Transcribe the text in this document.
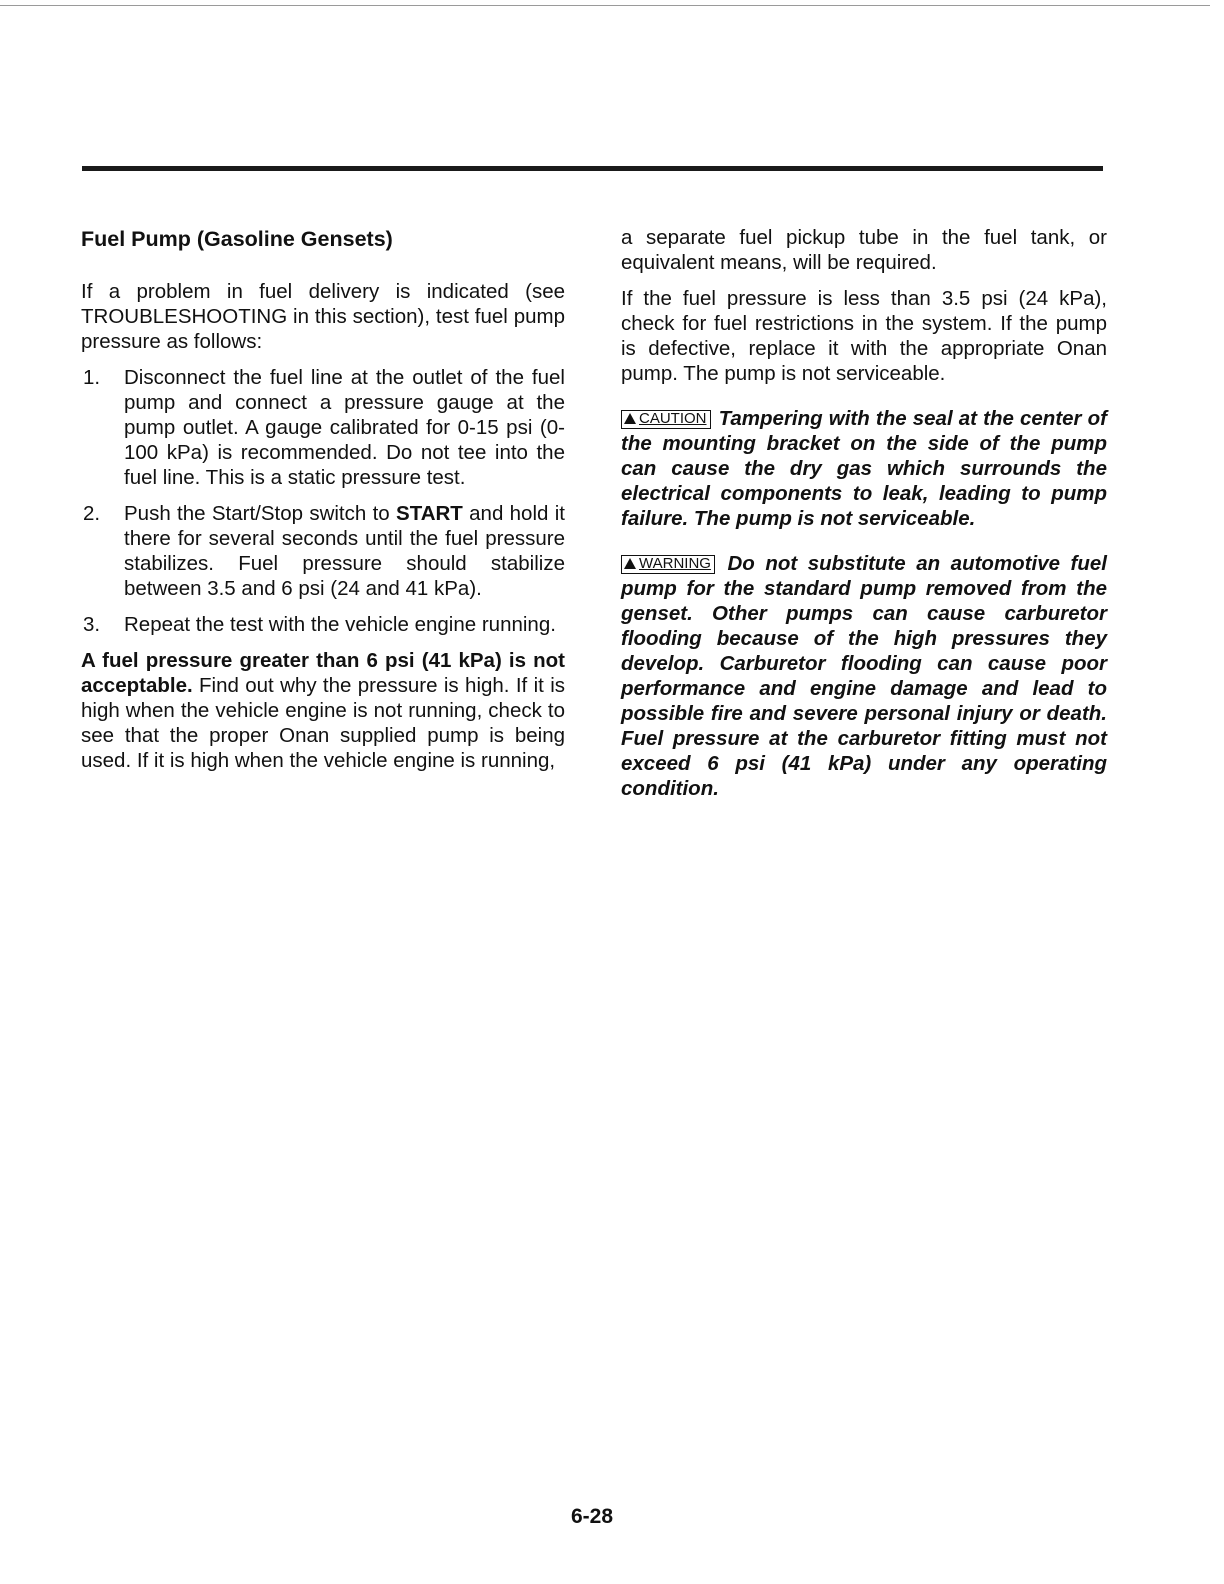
Fuel Pump (Gasoline Gensets)

If a problem in fuel delivery is indicated (see TROUBLESHOOTING in this section), test fuel pump pressure as follows:

1. Disconnect the fuel line at the outlet of the fuel pump and connect a pressure gauge at the pump outlet. A gauge calibrated for 0-15 psi (0-100 kPa) is recommended. Do not tee into the fuel line. This is a static pressure test.
2. Push the Start/Stop switch to START and hold it there for several seconds until the fuel pressure stabilizes. Fuel pressure should stabilize between 3.5 and 6 psi (24 and 41 kPa).
3. Repeat the test with the vehicle engine running.

A fuel pressure greater than 6 psi (41 kPa) is not acceptable. Find out why the pressure is high. If it is high when the vehicle engine is not running, check to see that the proper Onan supplied pump is being used. If it is high when the vehicle engine is running,

a separate fuel pickup tube in the fuel tank, or equivalent means, will be required.

If the fuel pressure is less than 3.5 psi (24 kPa), check for fuel restrictions in the system. If the pump is defective, replace it with the appropriate Onan pump. The pump is not serviceable.

CAUTION Tampering with the seal at the center of the mounting bracket on the side of the pump can cause the dry gas which surrounds the electrical components to leak, leading to pump failure. The pump is not serviceable.

WARNING Do not substitute an automotive fuel pump for the standard pump removed from the genset. Other pumps can cause carburetor flooding because of the high pressures they develop. Carburetor flooding can cause poor performance and engine damage and lead to possible fire and severe personal injury or death. Fuel pressure at the carburetor fitting must not exceed 6 psi (41 kPa) under any operating condition.

6-28
